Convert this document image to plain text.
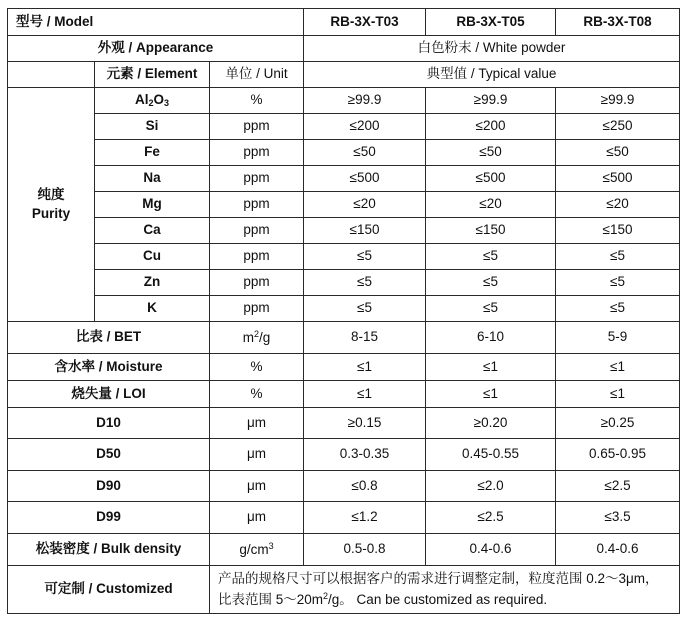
型号 / Model			RB-3X-T03	RB-3X-T05	RB-3X-T08
外观 / Appearance			白色粉末 / White powder		
	元素 / Element	单位 / Unit	典型值 / Typical value		

纯度
Purity	$Al_2O_3$	%	≥99.9	≥99.9	≥99.9
	Si	ppm	≤200	≤200	≤250
	Fe	ppm	≤50	≤50	≤50
	Na	ppm	≤500	≤500	≤500
	Mg	ppm	≤20	≤20	≤20
	Ca	ppm	≤150	≤150	≤150
	Cu	ppm	≤5	≤5	≤5
	Zn	ppm	≤5	≤5	≤5
	K	ppm	≤5	≤5	≤5
比表 / BET		$m^2/g$	8-15	6-10	5-9
含水率 / Moisture		%	≤1	≤1	≤1
烧失量 / LOI		%	≤1	≤1	≤1
D10		μm	≥0.15	≥0.20	≥0.25
D50		μm	0.3-0.35	0.45-0.55	0.65-0.95
D90		μm	≤0.8	≤2.0	≤2.5
D99		μm	≤1.2	≤2.5	≤3.5
松装密度 / Bulk density		$g/cm^3$	0.5-0.8	0.4-0.6	0.4-0.6
可定制 / Customized		产品的规格尺寸可以根据客户的需求进行调整定制，粒度范围 0.2～3μm，比表范围 $5\sim 20m^2/g$。 Can be customized as required.			
